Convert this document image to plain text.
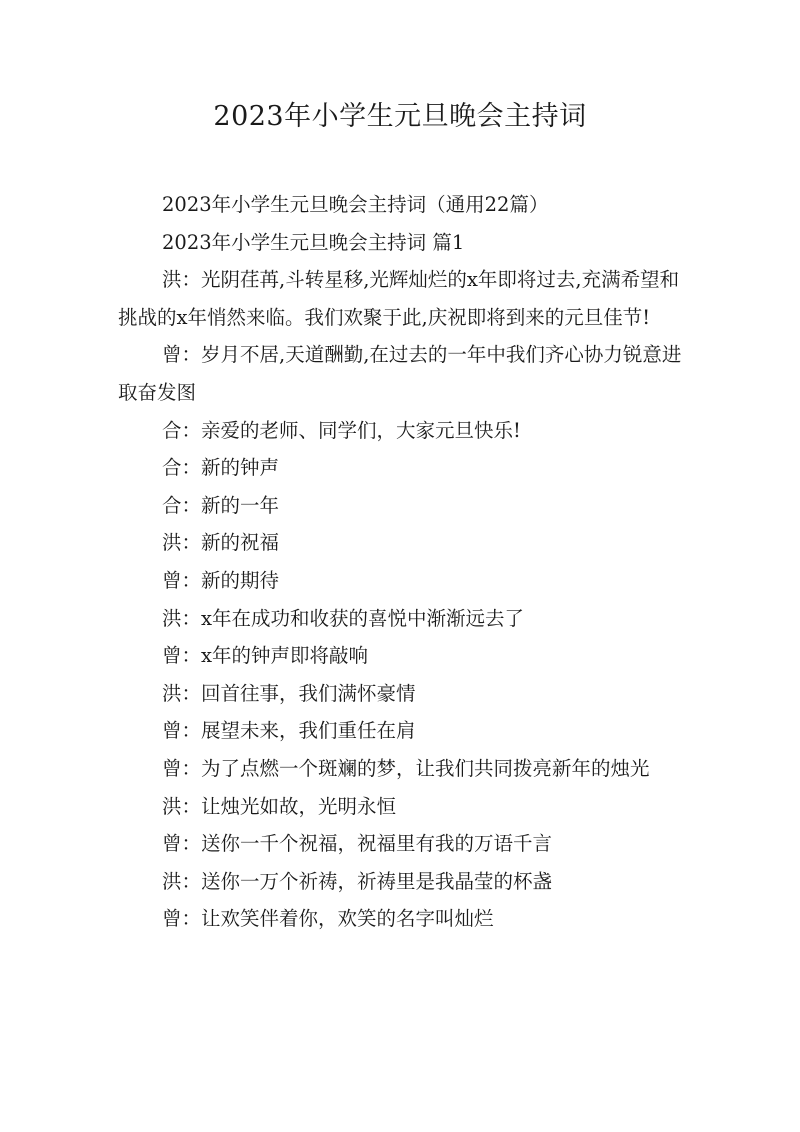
2023年小学生元旦晚会主持词

2023年小学生元旦晚会主持词（通用22篇）

2023年小学生元旦晚会主持词 篇1

洪：光阴荏苒,斗转星移,光辉灿烂的x年即将过去,充满希望和挑战的x年悄然来临。我们欢聚于此,庆祝即将到来的元旦佳节!

曾：岁月不居,天道酬勤,在过去的一年中我们齐心协力锐意进取奋发图

合：亲爱的老师、同学们，大家元旦快乐!

合：新的钟声

合：新的一年

洪：新的祝福

曾：新的期待

洪：x年在成功和收获的喜悦中渐渐远去了

曾：x年的钟声即将敲响

洪：回首往事，我们满怀豪情

曾：展望未来，我们重任在肩

曾：为了点燃一个斑斓的梦，让我们共同拨亮新年的烛光

洪：让烛光如故，光明永恒

曾：送你一千个祝福，祝福里有我的万语千言

洪：送你一万个祈祷，祈祷里是我晶莹的杯盏

曾：让欢笑伴着你，欢笑的名字叫灿烂
